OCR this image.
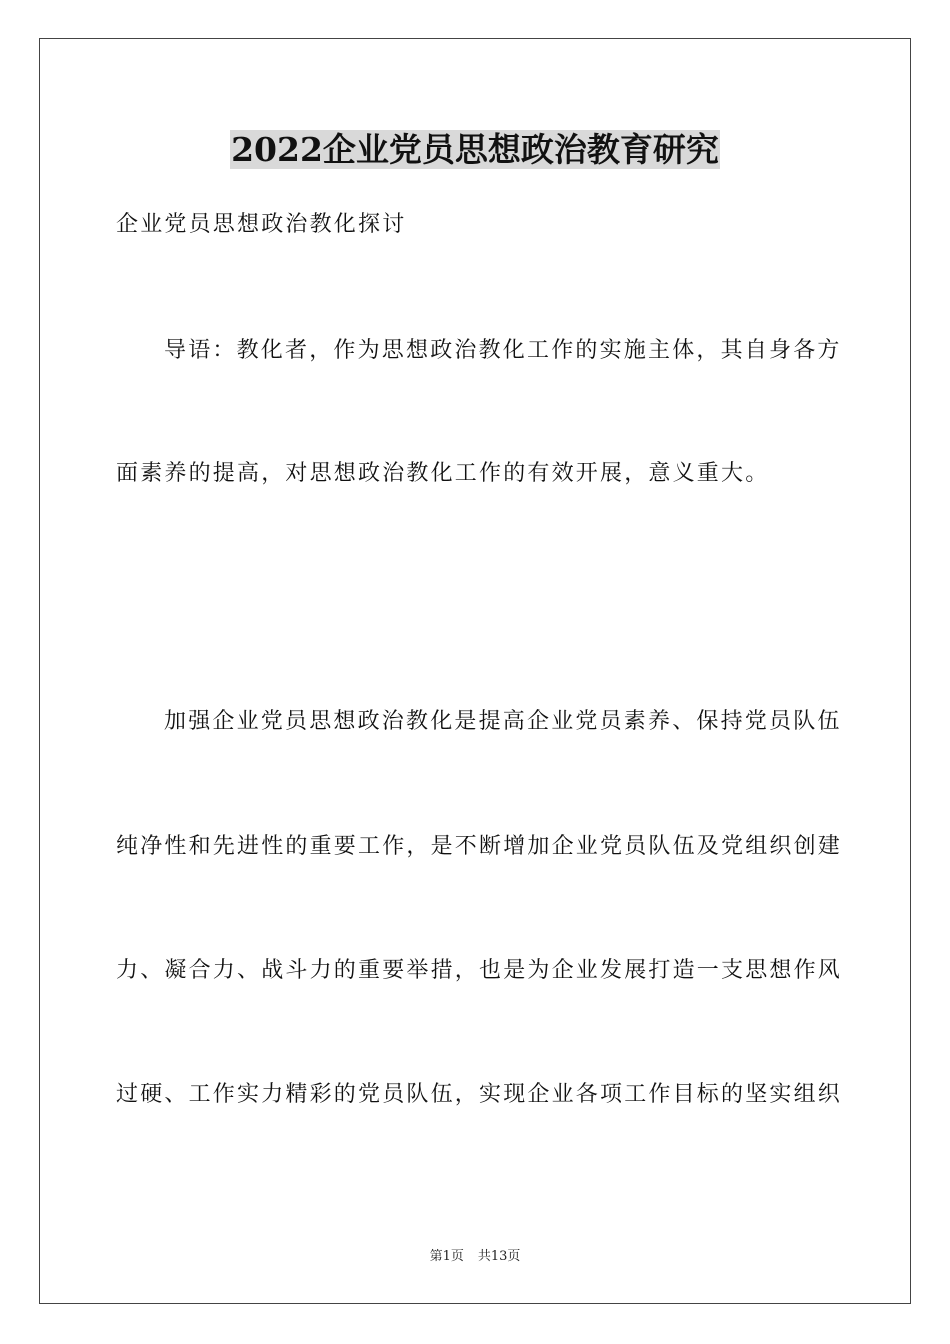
2022企业党员思想政治教育研究
企业党员思想政治教化探讨
导语：教化者，作为思想政治教化工作的实施主体，其自身各方
面素养的提高，对思想政治教化工作的有效开展，意义重大。
加强企业党员思想政治教化是提高企业党员素养、保持党员队伍
纯净性和先进性的重要工作，是不断增加企业党员队伍及党组织创建
力、凝合力、战斗力的重要举措，也是为企业发展打造一支思想作风
过硬、工作实力精彩的党员队伍，实现企业各项工作目标的坚实组织
第1页 共13页
